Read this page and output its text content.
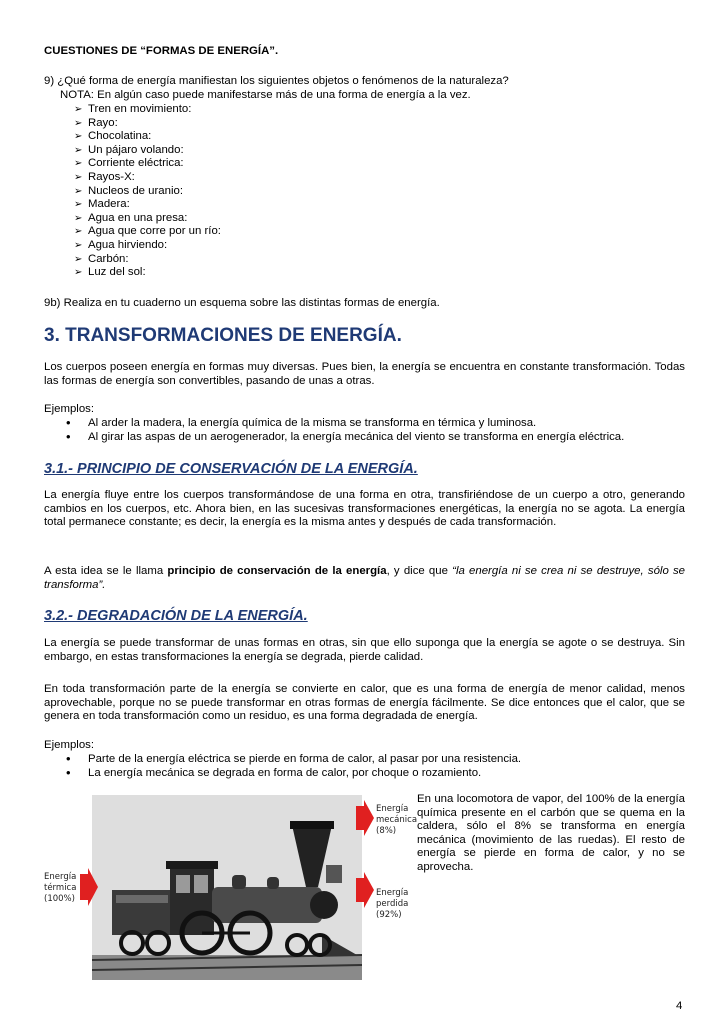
CUESTIONES DE “FORMAS DE ENERGÍA”.
9) ¿Qué forma de energía manifiestan los siguientes objetos o fenómenos de la naturaleza?
NOTA: En algún caso puede manifestarse más de una forma de energía a la vez.
➢ Tren en movimiento:
➢ Rayo:
➢ Chocolatina:
➢ Un pájaro volando:
➢ Corriente eléctrica:
➢ Rayos-X:
➢ Nucleos de uranio:
➢ Madera:
➢ Agua en una presa:
➢ Agua que corre por un río:
➢ Agua hirviendo:
➢ Carbón:
➢ Luz del sol:
9b) Realiza en tu cuaderno un esquema sobre las distintas formas de energía.
3. TRANSFORMACIONES DE ENERGÍA.
Los cuerpos poseen energía en formas muy diversas. Pues bien, la energía se encuentra en constante transformación. Todas las formas de energía son convertibles, pasando de unas a otras.
Ejemplos:
• Al arder la madera, la energía química de la misma se transforma en térmica y luminosa.
• Al girar las aspas de un aerogenerador, la energía mecánica del viento se transforma en energía eléctrica.
3.1.- PRINCIPIO DE CONSERVACIÓN DE LA ENERGÍA.
La energía fluye entre los cuerpos transformándose de una forma en otra, transfiriéndose de un cuerpo a otro, generando cambios en los cuerpos, etc. Ahora bien, en las sucesivas transformaciones energéticas, la energía no se agota. La energía total permanece constante; es decir, la energía es la misma antes y después de cada transformación.
A esta idea se le llama principio de conservación de la energía, y dice que “la energía ni se crea ni se destruye, sólo se transforma”.
3.2.- DEGRADACIÓN DE LA ENERGÍA.
La energía se puede transformar de unas formas en otras, sin que ello suponga que la energía se agote o se destruya. Sin embargo, en estas transformaciones la energía se degrada, pierde calidad.
En toda transformación parte de la energía se convierte en calor, que es una forma de energía de menor calidad, menos aprovechable, porque no se puede transformar en otras formas de energía fácilmente. Se dice entonces que el calor, que se genera en toda transformación como un residuo, es una forma degradada de energía.
Ejemplos:
• Parte de la energía eléctrica se pierde en forma de calor, al pasar por una resistencia.
• La energía mecánica se degrada en forma de calor, por choque o rozamiento.
En una locomotora de vapor, del 100% de la energía química presente en el carbón que se quema en la caldera, sólo el 8% se transforma en energía mecánica (movimiento de las ruedas). El resto de energía se pierde en forma de calor, y no se aprovecha.
Energía
térmica
(100%)
Energía
mecánica
(8%)
Energía
perdida
(92%)
4
